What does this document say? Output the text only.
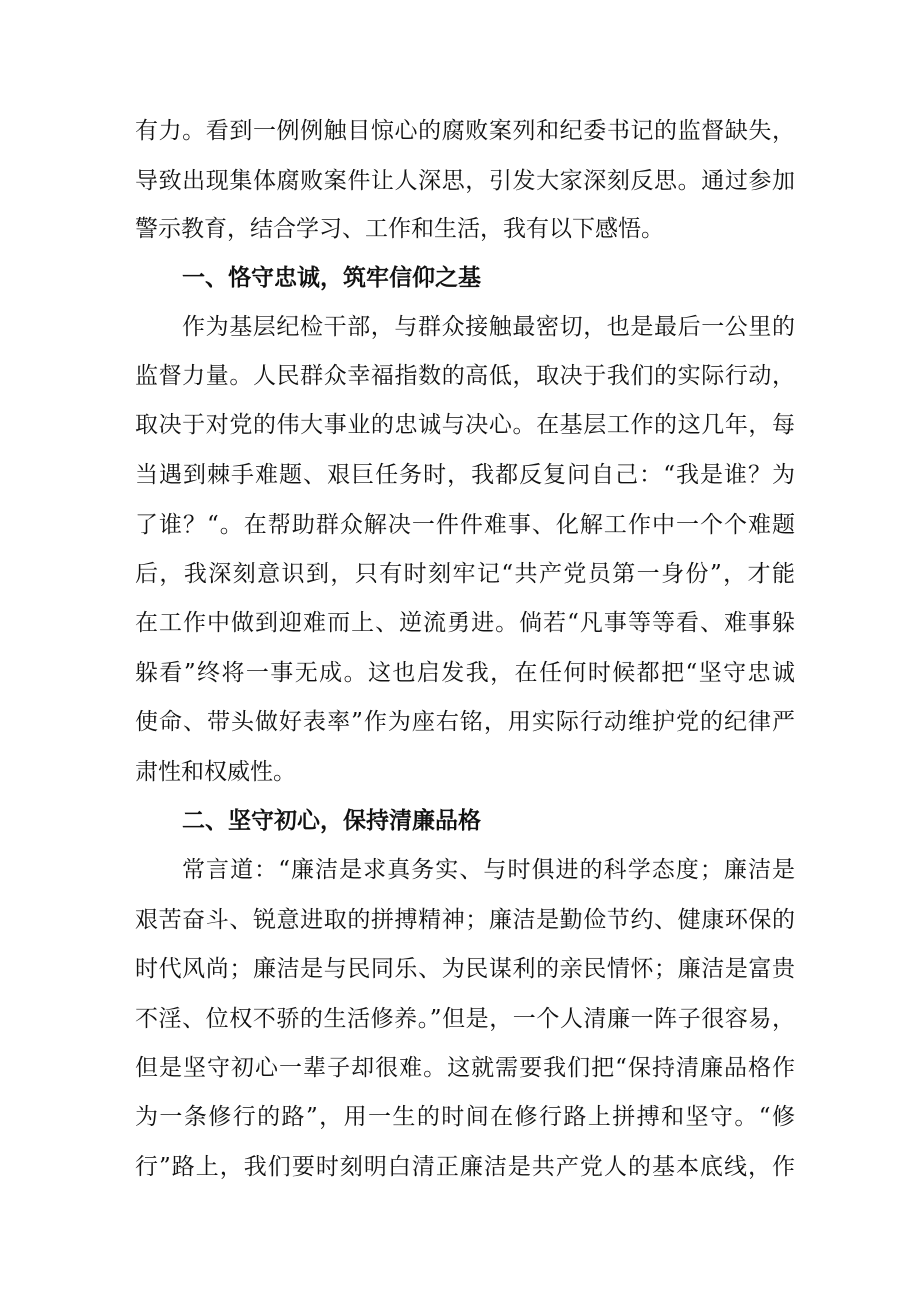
有力。看到一例例触目惊心的腐败案列和纪委书记的监督缺失，
导致出现集体腐败案件让人深思，引发大家深刻反思。通过参加
警示教育，结合学习、工作和生活，我有以下感悟。
一、恪守忠诚，筑牢信仰之基
作为基层纪检干部，与群众接触最密切，也是最后一公里的
监督力量。人民群众幸福指数的高低，取决于我们的实际行动，
取决于对党的伟大事业的忠诚与决心。在基层工作的这几年，每
当遇到棘手难题、艰巨任务时，我都反复问自己：“我是谁？为
了谁？“。在帮助群众解决一件件难事、化解工作中一个个难题
后，我深刻意识到，只有时刻牢记“共产党员第一身份”，才能
在工作中做到迎难而上、逆流勇进。倘若“凡事等等看、难事躲
躲看”终将一事无成。这也启发我，在任何时候都把“坚守忠诚
使命、带头做好表率”作为座右铭，用实际行动维护党的纪律严
肃性和权威性。
二、坚守初心，保持清廉品格
常言道：“廉洁是求真务实、与时俱进的科学态度；廉洁是
艰苦奋斗、锐意进取的拼搏精神；廉洁是勤俭节约、健康环保的
时代风尚；廉洁是与民同乐、为民谋利的亲民情怀；廉洁是富贵
不淫、位权不骄的生活修养。”但是，一个人清廉一阵子很容易，
但是坚守初心一辈子却很难。这就需要我们把“保持清廉品格作
为一条修行的路”，用一生的时间在修行路上拼搏和坚守。“修
行”路上，我们要时刻明白清正廉洁是共产党人的基本底线，作
